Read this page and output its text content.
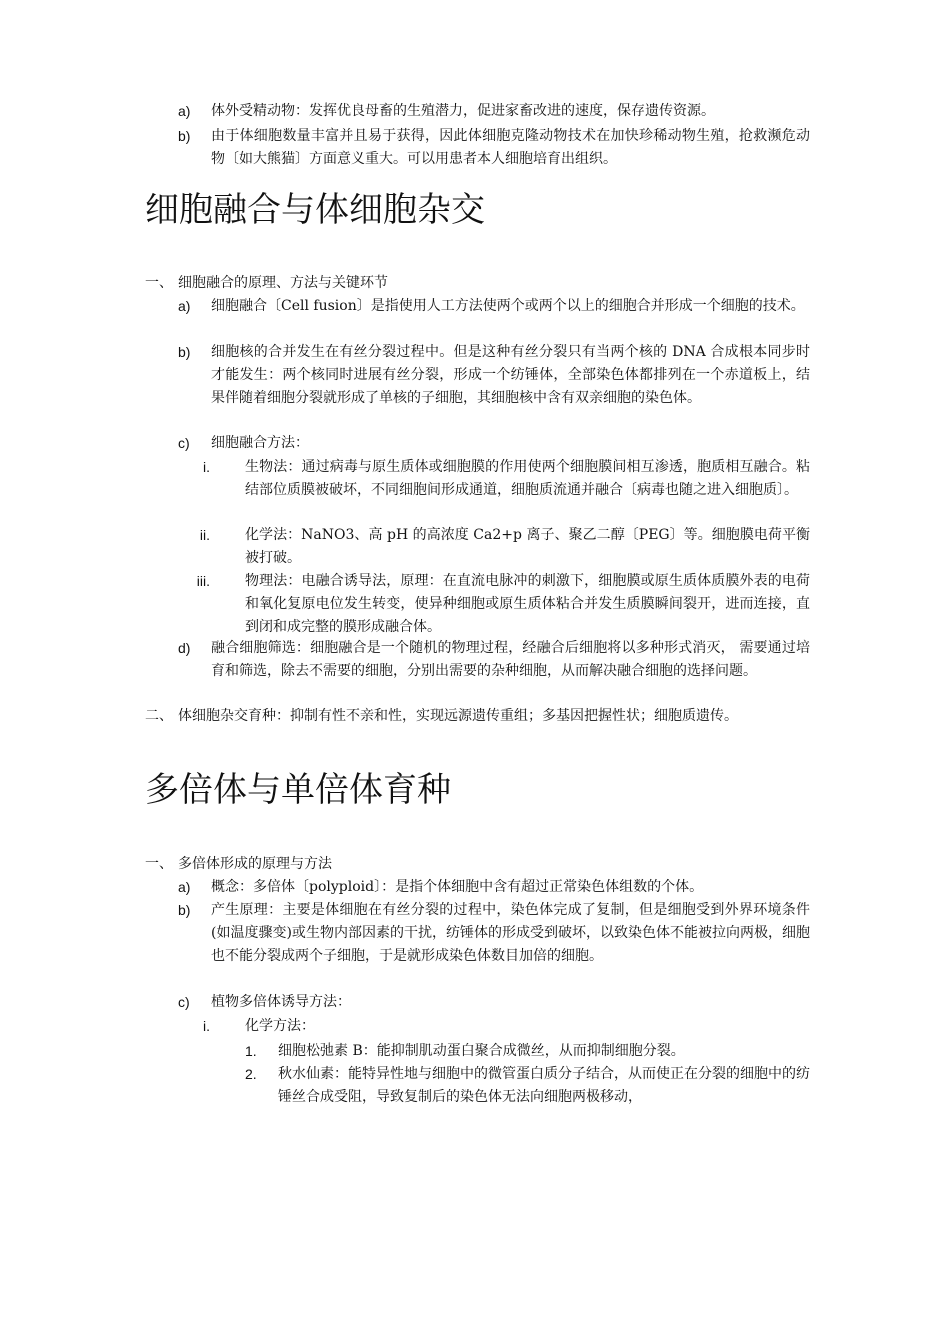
a) 体外受精动物：发挥优良母畜的生殖潜力，促进家畜改进的速度，保存遗传资源。
b) 由于体细胞数量丰富并且易于获得，因此体细胞克隆动物技术在加快珍稀动物生殖，抢救濒危动物〔如大熊猫〕方面意义重大。可以用患者本人细胞培育出组织。
细胞融合与体细胞杂交
一、 细胞融合的原理、方法与关键环节
a) 细胞融合〔Cell fusion〕是指使用人工方法使两个或两个以上的细胞合并形成一个细胞的技术。
b) 细胞核的合并发生在有丝分裂过程中。但是这种有丝分裂只有当两个核的 DNA 合成根本同步时才能发生：两个核同时进展有丝分裂，形成一个纺锤体，全部染色体都排列在一个赤道板上，结果伴随着细胞分裂就形成了单核的子细胞，其细胞核中含有双亲细胞的染色体。
c) 细胞融合方法：
i.	生物法：通过病毒与原生质体或细胞膜的作用使两个细胞膜间相互渗透，胞质相互融合。粘结部位质膜被破坏，不同细胞间形成通道，细胞质流通并融合〔病毒也随之进入细胞质〕。
ii.	化学法：NaNO3、高 pH 的高浓度 Ca2+p 离子、聚乙二醇〔PEG〕等。细胞膜电荷平衡被打破。
iii.	物理法：电融合诱导法，原理：在直流电脉冲的刺激下，细胞膜或原生质体质膜外表的电荷和氧化复原电位发生转变，使异种细胞或原生质体粘合并发生质膜瞬间裂开，进而连接，直到闭和成完整的膜形成融合体。
d) 融合细胞筛选：细胞融合是一个随机的物理过程，经融合后细胞将以多种形式消灭， 需要通过培育和筛选，除去不需要的细胞，分别出需要的杂种细胞，从而解决融合细胞的选择问题。
二、 体细胞杂交育种：抑制有性不亲和性，实现远源遗传重组；多基因把握性状；细胞质遗传。
多倍体与单倍体育种
一、 多倍体形成的原理与方法
a) 概念：多倍体〔polyploid〕：是指个体细胞中含有超过正常染色体组数的个体。
b) 产生原理：主要是体细胞在有丝分裂的过程中，染色体完成了复制，但是细胞受到外界环境条件(如温度骤变)或生物内部因素的干扰，纺锤体的形成受到破坏，以致染色体不能被拉向两极，细胞也不能分裂成两个子细胞，于是就形成染色体数目加倍的细胞。
c) 植物多倍体诱导方法：
i.	化学方法：
1. 细胞松弛素 B：能抑制肌动蛋白聚合成微丝，从而抑制细胞分裂。
2. 秋水仙素：能特异性地与细胞中的微管蛋白质分子结合，从而使正在分裂的细胞中的纺锤丝合成受阻，导致复制后的染色体无法向细胞两极移动，
